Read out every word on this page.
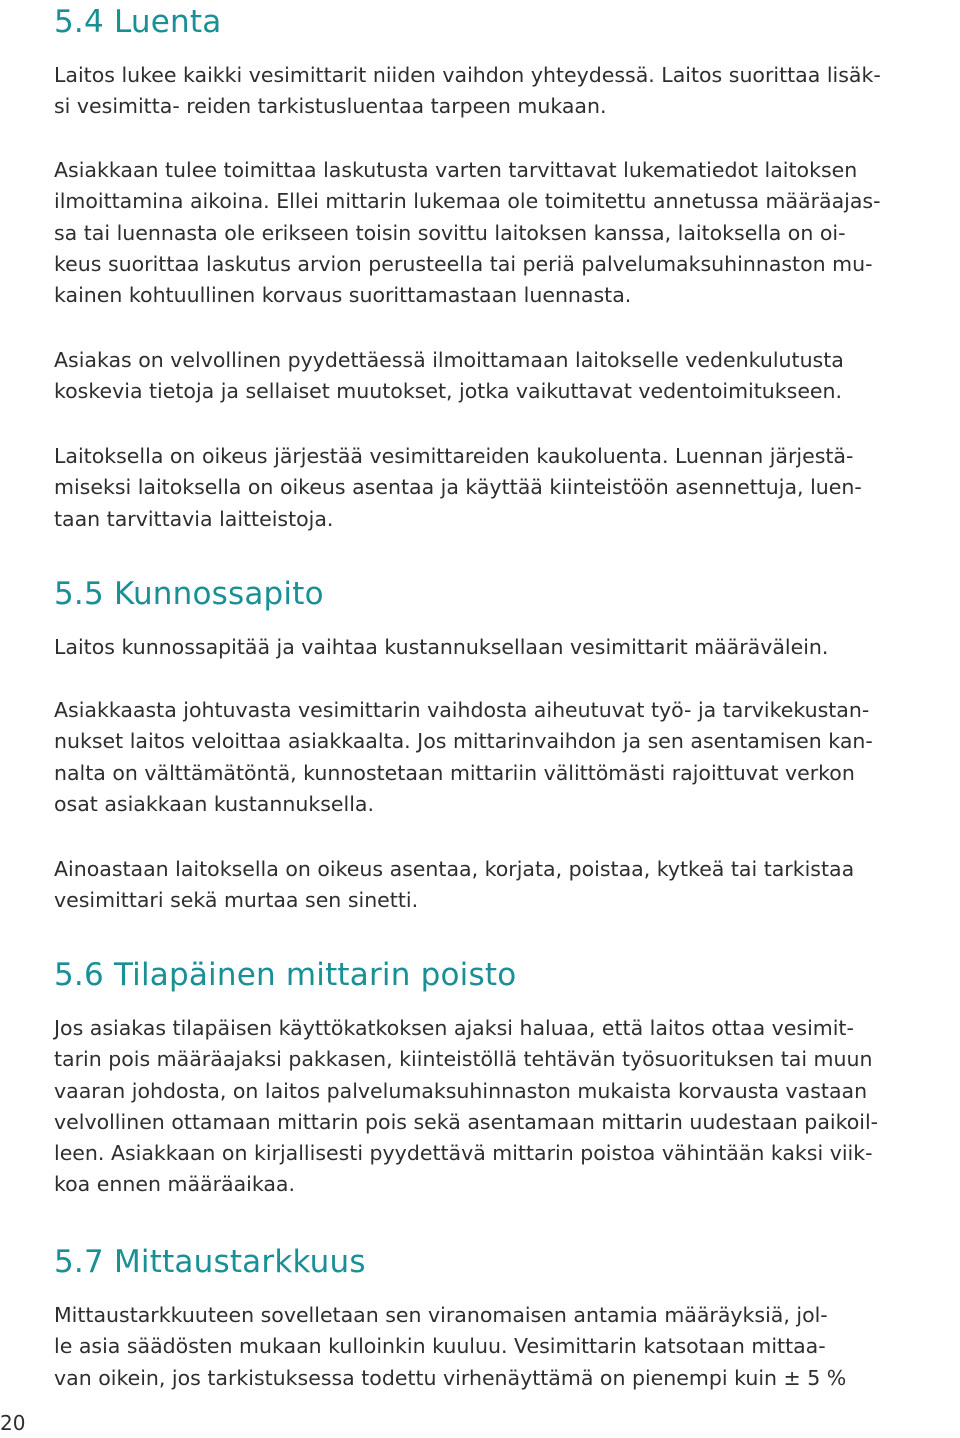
5.4 Luenta

Laitos lukee kaikki vesimittarit niiden vaihdon yhteydessä. Laitos suorittaa lisäk-
si vesimitta- reiden tarkistusluentaa tarpeen mukaan.

Asiakkaan tulee toimittaa laskutusta varten tarvittavat lukematiedot laitoksen
ilmoittamina aikoina. Ellei mittarin lukemaa ole toimitettu annetussa määräajas-
sa tai luennasta ole erikseen toisin sovittu laitoksen kanssa, laitoksella on oi-
keus suorittaa laskutus arvion perusteella tai periä palvelumaksuhinnaston mu-
kainen kohtuullinen korvaus suorittamastaan luennasta.

Asiakas on velvollinen pyydettäessä ilmoittamaan laitokselle vedenkulutusta
koskevia tietoja ja sellaiset muutokset, jotka vaikuttavat vedentoimitukseen.

Laitoksella on oikeus järjestää vesimittareiden kaukoluenta. Luennan järjestä-
miseksi laitoksella on oikeus asentaa ja käyttää kiinteistöön asennettuja, luen-
taan tarvittavia laitteistoja.

5.5 Kunnossapito

Laitos kunnossapitää ja vaihtaa kustannuksellaan vesimittarit määrävälein.

Asiakkaasta johtuvasta vesimittarin vaihdosta aiheutuvat työ- ja tarvikekustan-
nukset laitos veloittaa asiakkaalta. Jos mittarinvaihdon ja sen asentamisen kan-
nalta on välttämätöntä, kunnostetaan mittariin välittömästi rajoittuvat verkon
osat asiakkaan kustannuksella.

Ainoastaan laitoksella on oikeus asentaa, korjata, poistaa, kytkeä tai tarkistaa
vesimittari sekä murtaa sen sinetti.

5.6 Tilapäinen mittarin poisto

Jos asiakas tilapäisen käyttökatkoksen ajaksi haluaa, että laitos ottaa vesimit-
tarin pois määräajaksi pakkasen, kiinteistöllä tehtävän työsuorituksen tai muun
vaaran johdosta, on laitos palvelumaksuhinnaston mukaista korvausta vastaan
velvollinen ottamaan mittarin pois sekä asentamaan mittarin uudestaan paikoil-
leen. Asiakkaan on kirjallisesti pyydettävä mittarin poistoa vähintään kaksi viik-
koa ennen määräaikaa.

5.7 Mittaustarkkuus

Mittaustarkkuuteen sovelletaan sen viranomaisen antamia määräyksiä, jol-
le asia säädösten mukaan kulloinkin kuuluu. Vesimittarin katsotaan mittaa-
van oikein, jos tarkistuksessa todettu virhenäyttämä on pienempi kuin ± 5 %

20
